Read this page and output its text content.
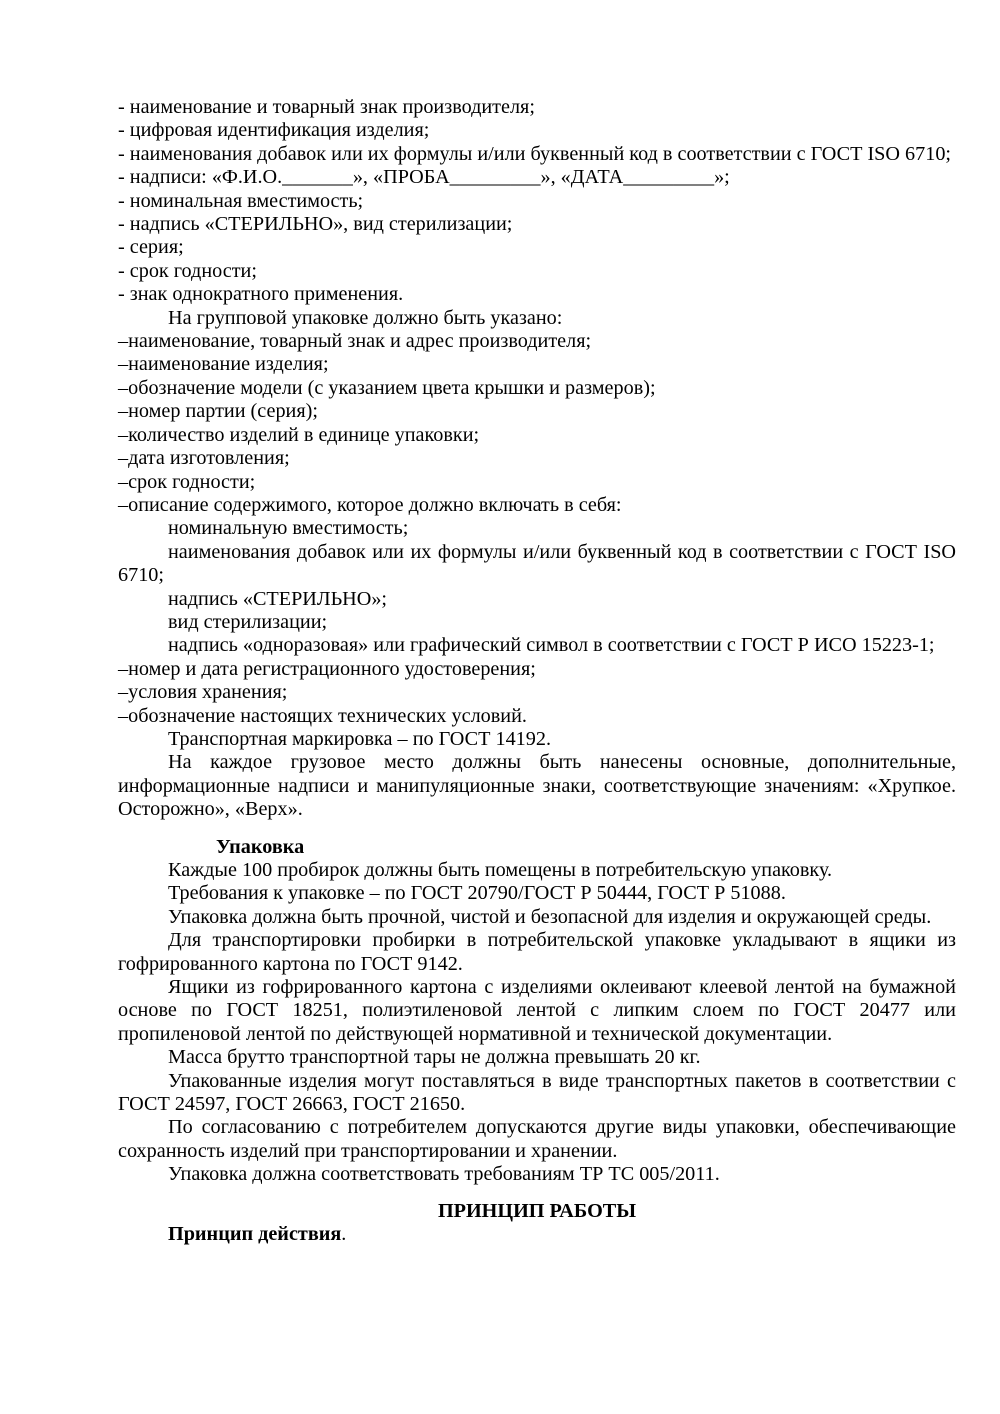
- наименование и товарный знак производителя;

- цифровая идентификация изделия;

- наименования добавок или их формулы и/или буквенный код в соответствии с ГОСТ ISO 6710;

- надписи: «Ф.И.О._______», «ПРОБА_________», «ДАТА_________»;

- номинальная вместимость;

- надпись «СТЕРИЛЬНО», вид стерилизации;

- серия;

- срок годности;

- знак однократного применения.

На групповой упаковке должно быть указано:

–наименование, товарный знак и адрес производителя;

–наименование изделия;

–обозначение модели (с указанием цвета крышки и размеров);

–номер партии (серия);

–количество изделий в единице упаковки;

–дата изготовления;

–срок годности;

–описание содержимого, которое должно включать в себя:

номинальную вместимость;

наименования добавок или их формулы и/или буквенный код в соответствии с ГОСТ ISO 6710;

надпись «СТЕРИЛЬНО»;

вид стерилизации;

надпись «одноразовая» или графический символ в соответствии с ГОСТ Р ИСО 15223-1;

–номер и дата регистрационного удостоверения;

–условия хранения;

–обозначение настоящих технических условий.

Транспортная маркировка – по ГОСТ 14192.

На каждое грузовое место должны быть нанесены основные, дополнительные, информационные надписи и манипуляционные знаки, соответствующие значениям: «Хрупкое. Осторожно», «Верх».

Упаковка

Каждые 100 пробирок должны быть помещены в потребительскую упаковку.

Требования к упаковке – по ГОСТ 20790/ГОСТ Р 50444, ГОСТ Р 51088.

Упаковка должна быть прочной, чистой и безопасной для изделия и окружающей среды.

Для транспортировки пробирки в потребительской упаковке укладывают в ящики из гофрированного картона по ГОСТ 9142.

Ящики из гофрированного картона с изделиями оклеивают клеевой лентой на бумажной основе по ГОСТ 18251, полиэтиленовой лентой с липким слоем по ГОСТ 20477 или пропиленовой лентой по действующей нормативной и технической документации.

Масса брутто транспортной тары не должна превышать 20 кг.

Упакованные изделия могут поставляться в виде транспортных пакетов в соответствии с ГОСТ 24597, ГОСТ 26663, ГОСТ 21650.

По согласованию с потребителем допускаются другие виды упаковки, обеспечивающие сохранность изделий при транспортировании и хранении.

Упаковка должна соответствовать требованиям ТР ТС 005/2011.

ПРИНЦИП РАБОТЫ

Принцип действия.
